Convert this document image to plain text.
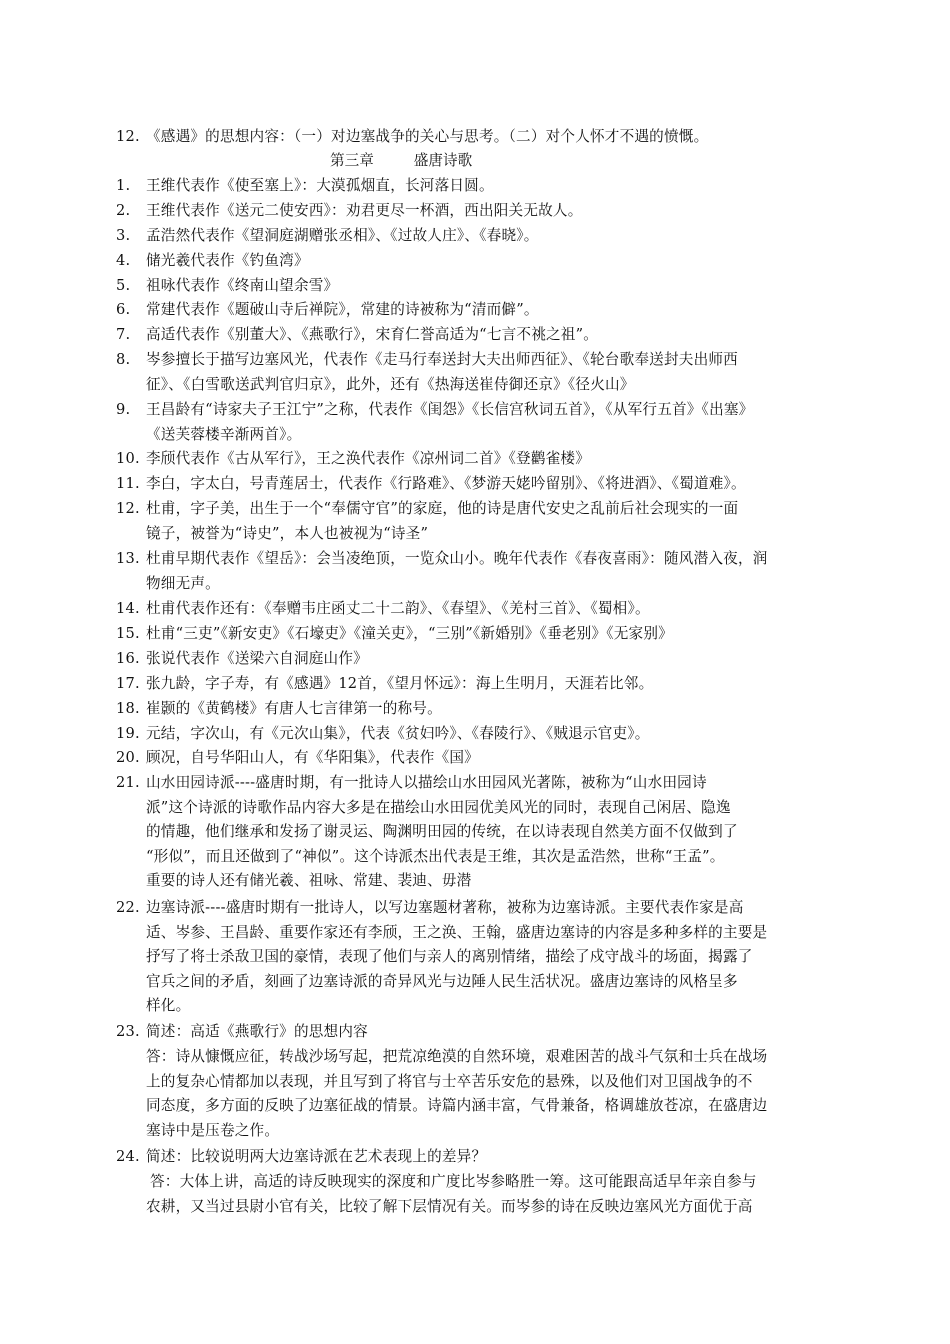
12. 《感遇》的思想内容：（一）对边塞战争的关心与思考。（二）对个人怀才不遇的愤慨。
第三章	盛唐诗歌
1.	王维代表作《使至塞上》：大漠孤烟直，长河落日圆。
2.	王维代表作《送元二使安西》：劝君更尽一杯酒，西出阳关无故人。
3.	孟浩然代表作《望洞庭湖赠张丞相》、《过故人庄》、《春晓》。
4.	储光羲代表作《钓鱼湾》
5.	祖咏代表作《终南山望余雪》
6.	常建代表作《题破山寺后禅院》，常建的诗被称为“清而僻”。
7.	高适代表作《别董大》、《燕歌行》，宋育仁誉高适为“七言不祧之祖”。
8.	岑参擅长于描写边塞风光，代表作《走马行奉送封大夫出师西征》、《轮台歌奉送封夫出师西
征》、《白雪歌送武判官归京》，此外，还有《热海送崔侍御还京》《径火山》
9.	王昌龄有“诗家夫子王江宁”之称，代表作《闺怨》《长信宫秋词五首》，《从军行五首》《出塞》
《送芙蓉楼辛渐两首》。
10. 李颀代表作《古从军行》，王之涣代表作《凉州词二首》《登鹳雀楼》
11. 李白，字太白，号青莲居士，代表作《行路难》、《梦游天姥吟留别》、《将进酒》、《蜀道难》。
12. 杜甫，字子美，出生于一个“奉儒守官”的家庭，他的诗是唐代安史之乱前后社会现实的一面
镜子，被誉为“诗史”，本人也被视为“诗圣”
13. 杜甫早期代表作《望岳》：会当凌绝顶，一览众山小。晚年代表作《春夜喜雨》：随风潜入夜，润
物细无声。
14. 杜甫代表作还有：《奉赠韦庄函丈二十二韵》、《春望》、《羌村三首》、《蜀相》。
15. 杜甫“三吏”《新安吏》《石壕吏》《潼关吏》，“三别”《新婚别》《垂老别》《无家别》
16. 张说代表作《送梁六自洞庭山作》
17. 张九龄，字子寿，有《感遇》12首，《望月怀远》：海上生明月，天涯若比邻。
18. 崔颢的《黄鹤楼》有唐人七言律第一的称号。
19. 元结，字次山，有《元次山集》，代表《贫妇吟》、《春陵行》、《贼退示官吏》。
20. 顾况，自号华阳山人，有《华阳集》，代表作《国》
21. 山水田园诗派----盛唐时期，有一批诗人以描绘山水田园风光著陈，被称为“山水田园诗
派”这个诗派的诗歌作品内容大多是在描绘山水田园优美风光的同时，表现自己闲居、隐逸
的情趣，他们继承和发扬了谢灵运、陶渊明田园的传统，在以诗表现自然美方面不仅做到了
“形似”，而且还做到了“神似”。这个诗派杰出代表是王维，其次是孟浩然，世称“王孟”。
重要的诗人还有储光羲、祖咏、常建、裴迪、毋潜
22. 边塞诗派----盛唐时期有一批诗人，以写边塞题材著称，被称为边塞诗派。主要代表作家是高
适、岑参、王昌龄、重要作家还有李颀，王之涣、王翰，盛唐边塞诗的内容是多种多样的主要是
抒写了将士杀敌卫国的豪情，表现了他们与亲人的离别情绪，描绘了戍守战斗的场面，揭露了
官兵之间的矛盾，刻画了边塞诗派的奇异风光与边陲人民生活状况。盛唐边塞诗的风格呈多
样化。
23. 简述：高适《燕歌行》的思想内容
答：诗从慷慨应征，转战沙场写起，把荒凉绝漠的自然环境，艰难困苦的战斗气氛和士兵在战场
上的复杂心情都加以表现，并且写到了将官与士卒苦乐安危的悬殊，以及他们对卫国战争的不
同态度，多方面的反映了边塞征战的情景。诗篇内涵丰富，气骨兼备，格调雄放苍凉，在盛唐边
塞诗中是压卷之作。
24. 简述：比较说明两大边塞诗派在艺术表现上的差异？
答：大体上讲，高适的诗反映现实的深度和广度比岑参略胜一筹。这可能跟高适早年亲自参与
农耕，又当过县尉小官有关，比较了解下层情况有关。而岑参的诗在反映边塞风光方面优于高
